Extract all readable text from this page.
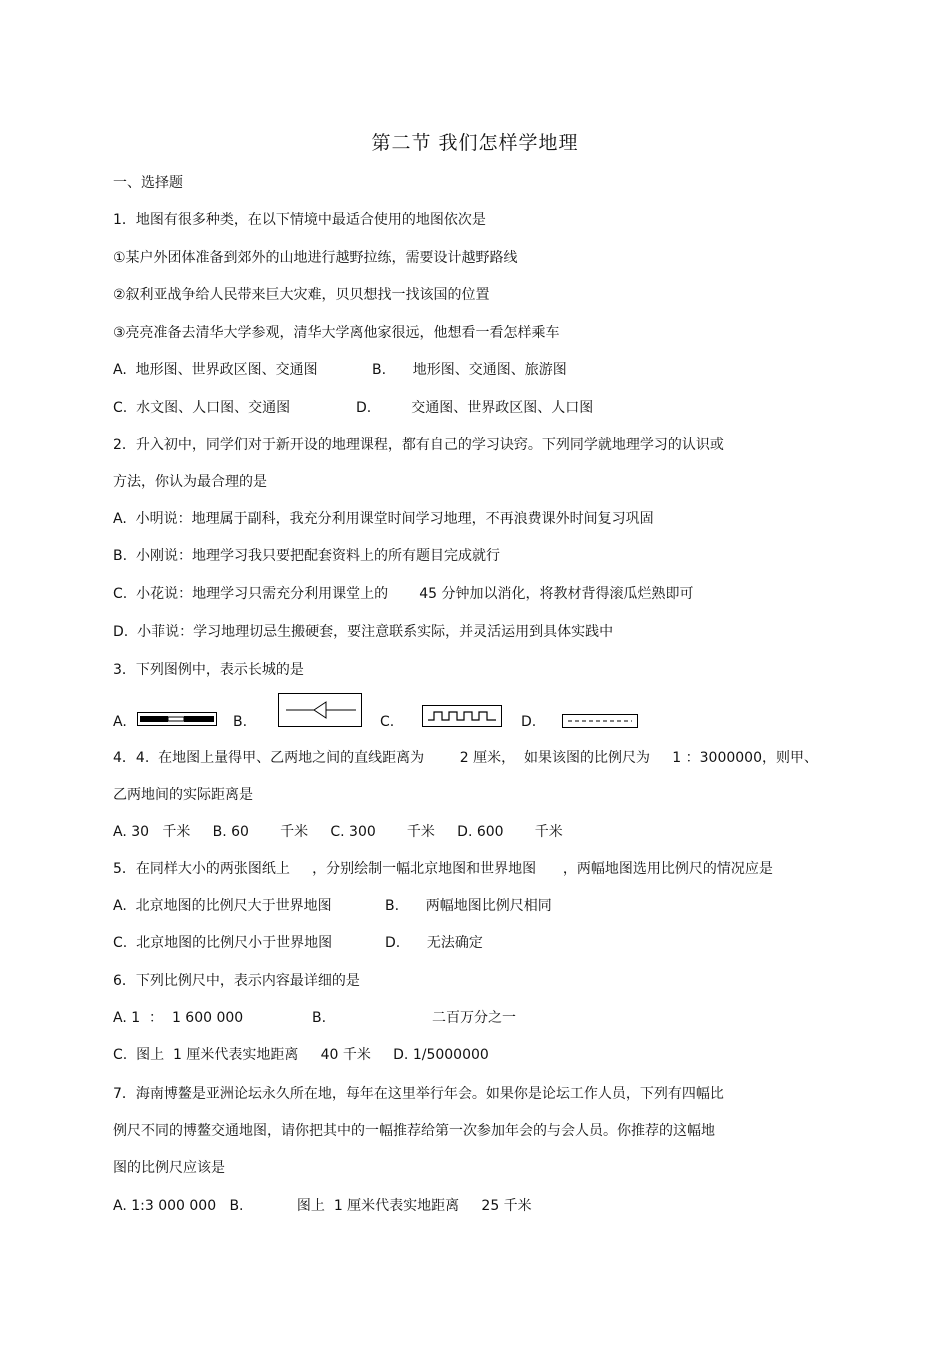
第二节 我们怎样学地理
一、选择题
1．地图有很多种类，在以下情境中最适合使用的地图依次是
①某户外团体准备到郊外的山地进行越野拉练，需要设计越野路线
②叙利亚战争给人民带来巨大灾难，贝贝想找一找该国的位置
③亮亮准备去清华大学参观，清华大学离他家很远，他想看一看怎样乘车
A.  地形图、世界政区图、交通图	B.      地形图、交通图、旅游图
C.  水文图、人口图、交通图	D.         交通图、世界政区图、人口图
2．升入初中，同学们对于新开设的地理课程，都有自己的学习诀窍。下列同学就地理学习的认识或
方法，你认为最合理的是
A.  小明说：地理属于副科，我充分利用课堂时间学习地理，不再浪费课外时间复习巩固
B.  小刚说：地理学习我只要把配套资料上的所有题目完成就行
C.  小花说：地理学习只需充分利用课堂上的       45 分钟加以消化，将教材背得滚瓜烂熟即可
D.  小菲说：学习地理切忌生搬硬套，要注意联系实际，并灵活运用到具体实践中
3．下列图例中，表示长城的是
A.	B.	C.	D.
4．4.  在地图上量得甲、乙两地之间的直线距离为        2 厘米，  如果该图的比例尺为     1 ：3000000，则甲、
乙两地间的实际距离是
A. 30   千米     B. 60       千米     C. 300       千米     D. 600       千米
5．在同样大小的两张图纸上     ，分别绘制一幅北京地图和世界地图      ，两幅地图选用比例尺的情况应是
A.  北京地图的比例尺大于世界地图	B.      两幅地图比例尺相同
C.  北京地图的比例尺小于世界地图	D.      无法确定
6．下列比例尺中，表示内容最详细的是
A. 1  ：  1 600 000	B.	二百万分之一
C.  图上  1 厘米代表实地距离     40 千米     D. 1/5000000
7．海南博鳌是亚洲论坛永久所在地，每年在这里举行年会。如果你是论坛工作人员，下列有四幅比
例尺不同的博鳌交通地图，请你把其中的一幅推荐给第一次参加年会的与会人员。你推荐的这幅地
图的比例尺应该是
A. 1:3 000 000   B.            图上  1 厘米代表实地距离     25 千米
